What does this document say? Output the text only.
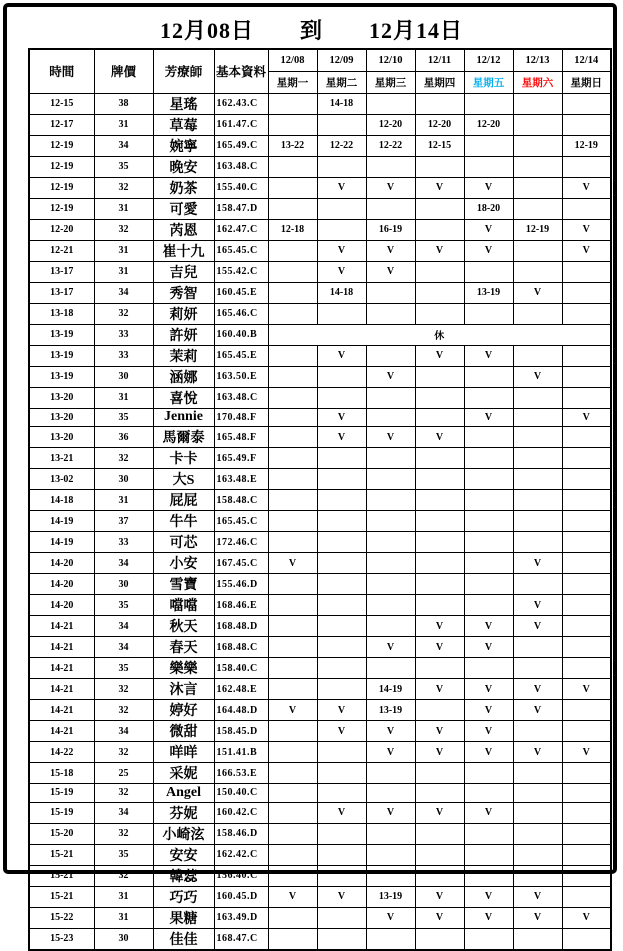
12月08日 到 12月14日
時間	牌價	芳療師	基本資料	12/08	12/09	12/10	12/11	12/12	12/13	12/14
				星期一	星期二	星期三	星期四	星期五	星期六	星期日
12-15	38	星瑤	162.43.C		14-18					
12-17	31	草莓	161.47.C			12-20	12-20	12-20		
12-19	34	婉寧	165.49.C	13-22	12-22	12-22	12-15			12-19
12-19	35	晚安	163.48.C							
12-19	32	奶茶	155.40.C		V	V	V	V		V
12-19	31	可愛	158.47.D					18-20		
12-20	32	芮恩	162.47.C	12-18		16-19		V	12-19	V
12-21	31	崔十九	165.45.C		V	V	V	V		V
13-17	31	吉兒	155.42.C		V	V				
13-17	34	秀智	160.45.E		14-18			13-19	V	
13-18	32	莉妍	165.46.C							
13-19	33	許妍	160.40.B	休						
13-19	33	茉莉	165.45.E		V		V	V		
13-19	30	涵娜	163.50.E			V			V	
13-20	31	喜悅	163.48.C							
13-20	35	Jennie	170.48.F		V			V		V
13-20	36	馬爾泰	165.48.F		V	V	V			
13-21	32	卡卡	165.49.F							
13-02	30	大S	163.48.E							
14-18	31	屁屁	158.48.C							
14-19	37	牛牛	165.45.C							
14-19	33	可芯	172.46.C							
14-20	34	小安	167.45.C	V					V	
14-20	30	雪寶	155.46.D							
14-20	35	噹噹	168.46.E						V	
14-21	34	秋天	168.48.D				V	V	V	
14-21	34	春天	168.48.C			V	V	V		
14-21	35	樂樂	158.40.C							
14-21	32	沐言	162.48.E			14-19	V	V	V	V
14-21	32	婷好	164.48.D	V	V	13-19		V	V	
14-21	34	微甜	158.45.D		V	V	V	V		
14-22	32	咩咩	151.41.B			V	V	V	V	V
15-18	25	采妮	166.53.E							
15-19	32	Angel	150.40.C							
15-19	34	芬妮	160.42.C		V	V	V	V		
15-20	32	小崎泫	158.46.D							
15-21	35	安安	162.42.C							
15-21	32	韓蕊	156.40.C							
15-21	31	巧巧	160.45.D	V	V	13-19	V	V	V	
15-22	31	果糖	163.49.D			V	V	V	V	V
15-23	30	佳佳	168.47.C							
